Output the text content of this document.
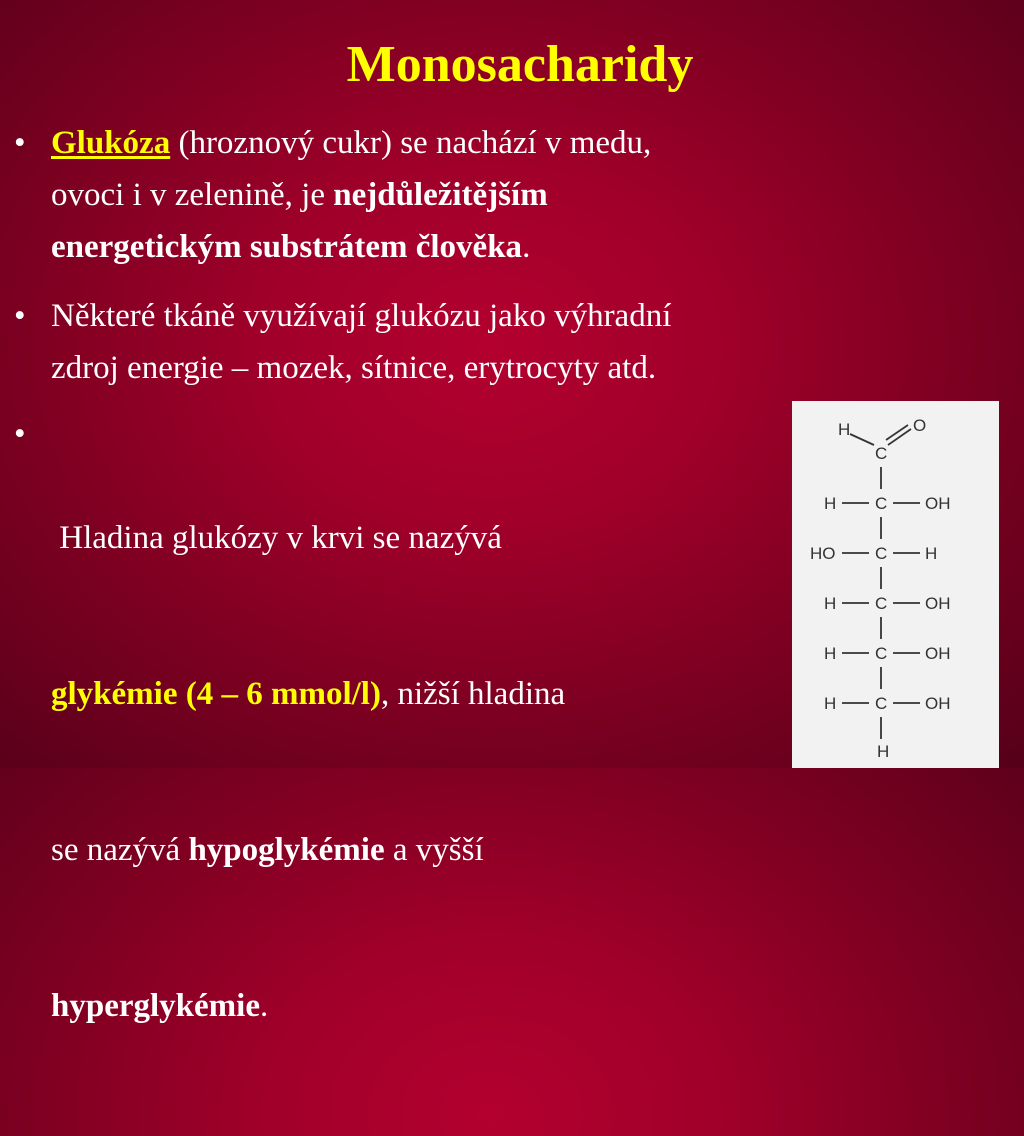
Monosacharidy
• Glukóza (hroznový cukr) se nachází v medu,
ovoci i v zelenině, je nejdůležitějším
energetickým substrátem člověka.
• Některé tkáně využívají glukózu jako výhradní
zdroj energie – mozek, sítnice, erytrocyty atd.
•

Hladina glukózy v krvi se nazývá

glykémie (4 – 6 mmol/l), nižší hladina

se nazývá hypoglykémie a vyšší

hyperglykémie.

H	O
C
C
H	OH
C
HO	H
C
H	OH
C
H	OH
C
H	OH
H
